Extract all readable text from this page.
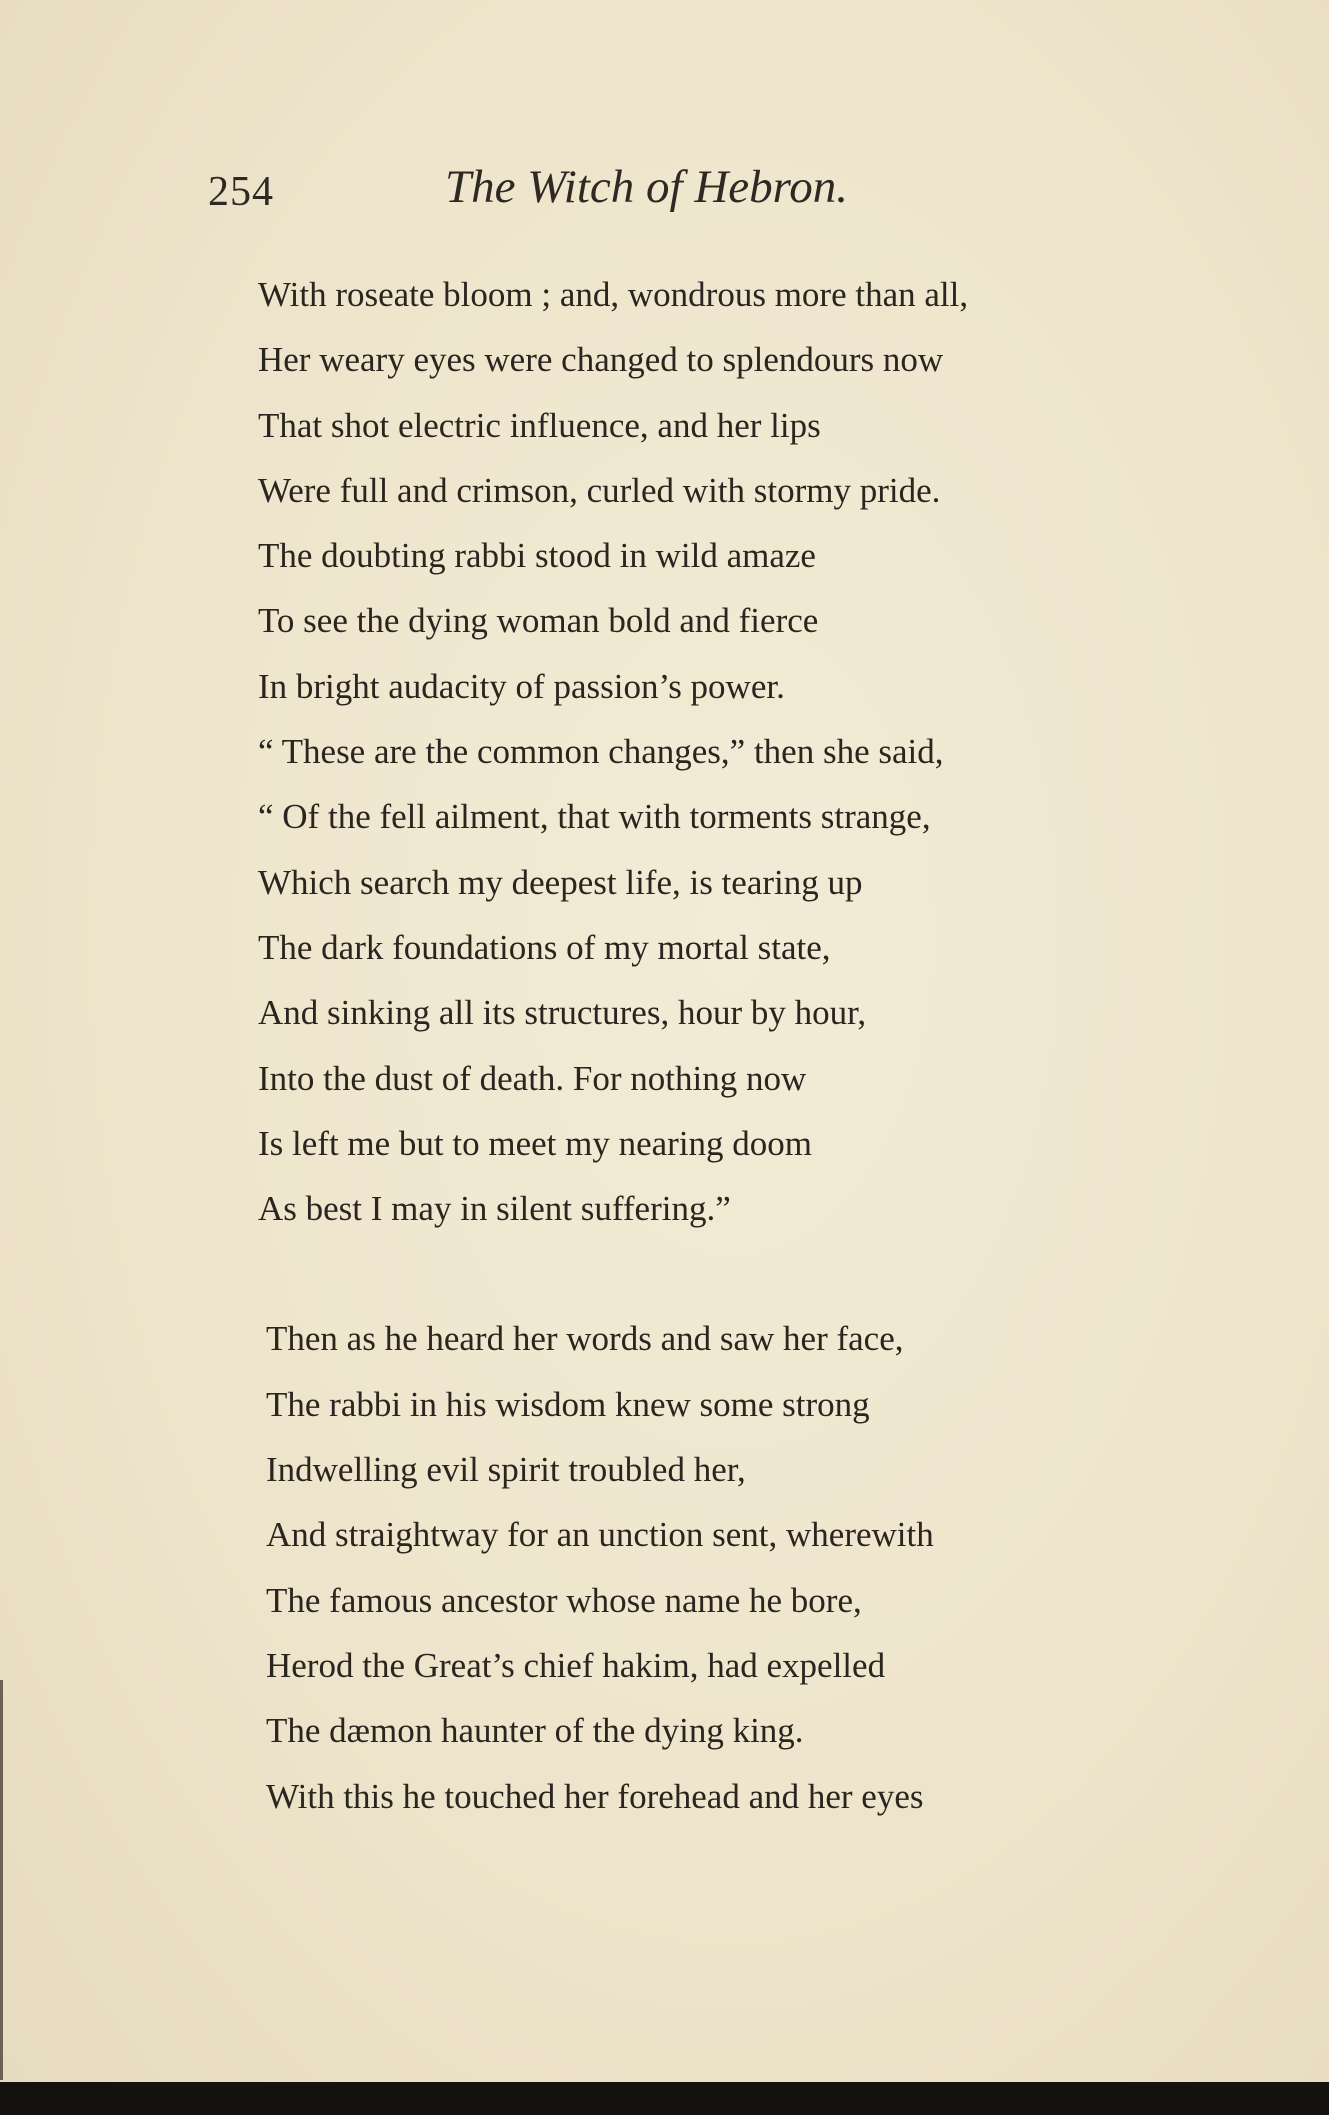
254	The Witch of Hebron.
With roseate bloom ; and, wondrous more than all,
Her weary eyes were changed to splendours now
That shot electric influence, and her lips
Were full and crimson, curled with stormy pride.
The doubting rabbi stood in wild amaze
To see the dying woman bold and fierce
In bright audacity of passion’s power.
“ These are the common changes,” then she said,
“ Of the fell ailment, that with torments strange,
Which search my deepest life, is tearing up
The dark foundations of my mortal state,
And sinking all its structures, hour by hour,
Into the dust of death. For nothing now
Is left me but to meet my nearing doom
As best I may in silent suffering.”
Then as he heard her words and saw her face,
The rabbi in his wisdom knew some strong
Indwelling evil spirit troubled her,
And straightway for an unction sent, wherewith
The famous ancestor whose name he bore,
Herod the Great’s chief hakim, had expelled
The dæmon haunter of the dying king.
With this he touched her forehead and her eyes
